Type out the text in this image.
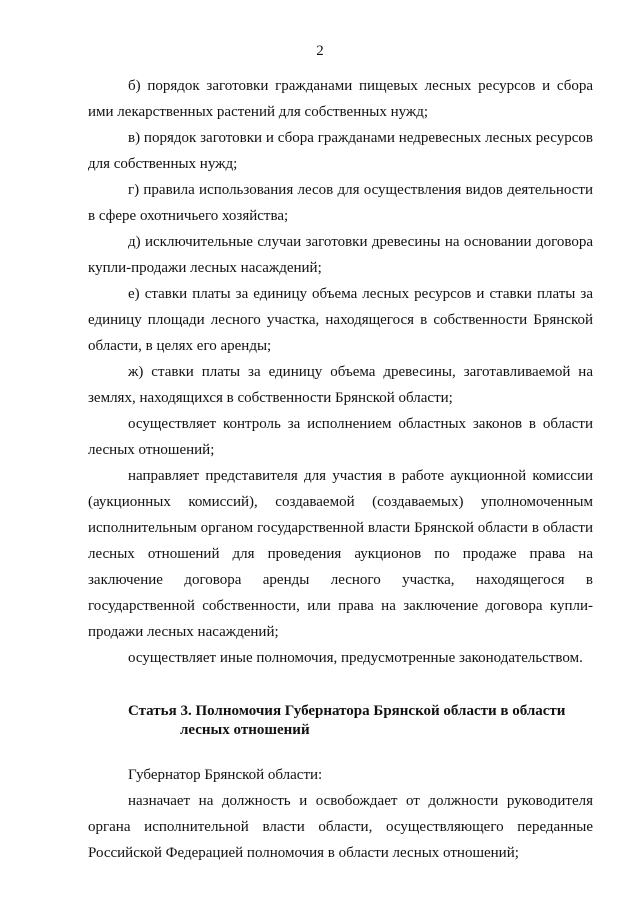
2

б) порядок заготовки гражданами пищевых лесных ресурсов и сбора ими лекарственных растений для собственных нужд;

в) порядок заготовки и сбора гражданами недревесных лесных ресурсов для собственных нужд;

г) правила использования лесов для осуществления видов деятельности в сфере охотничьего хозяйства;

д) исключительные случаи заготовки древесины на основании договора купли-продажи лесных насаждений;

е) ставки платы за единицу объема лесных ресурсов и ставки платы за единицу площади лесного участка, находящегося в собственности Брянской области, в целях его аренды;

ж) ставки платы за единицу объема древесины, заготавливаемой на землях, находящихся в собственности Брянской области;

осуществляет контроль за исполнением областных законов в области лесных отношений;

направляет представителя для участия в работе аукционной комиссии (аукционных комиссий), создаваемой (создаваемых) уполномоченным исполнительным органом государственной власти Брянской области в области лесных отношений для проведения аукционов по продаже права на заключение договора аренды лесного участка, находящегося в государственной собственности, или права на заключение договора купли-продажи лесных насаждений;

осуществляет иные полномочия, предусмотренные законодательством.

Статья 3. Полномочия Губернатора Брянской области в области
лесных отношений

Губернатор Брянской области:

назначает на должность и освобождает от должности руководителя органа исполнительной власти области, осуществляющего переданные Российской Федерацией полномочия в области лесных отношений;
